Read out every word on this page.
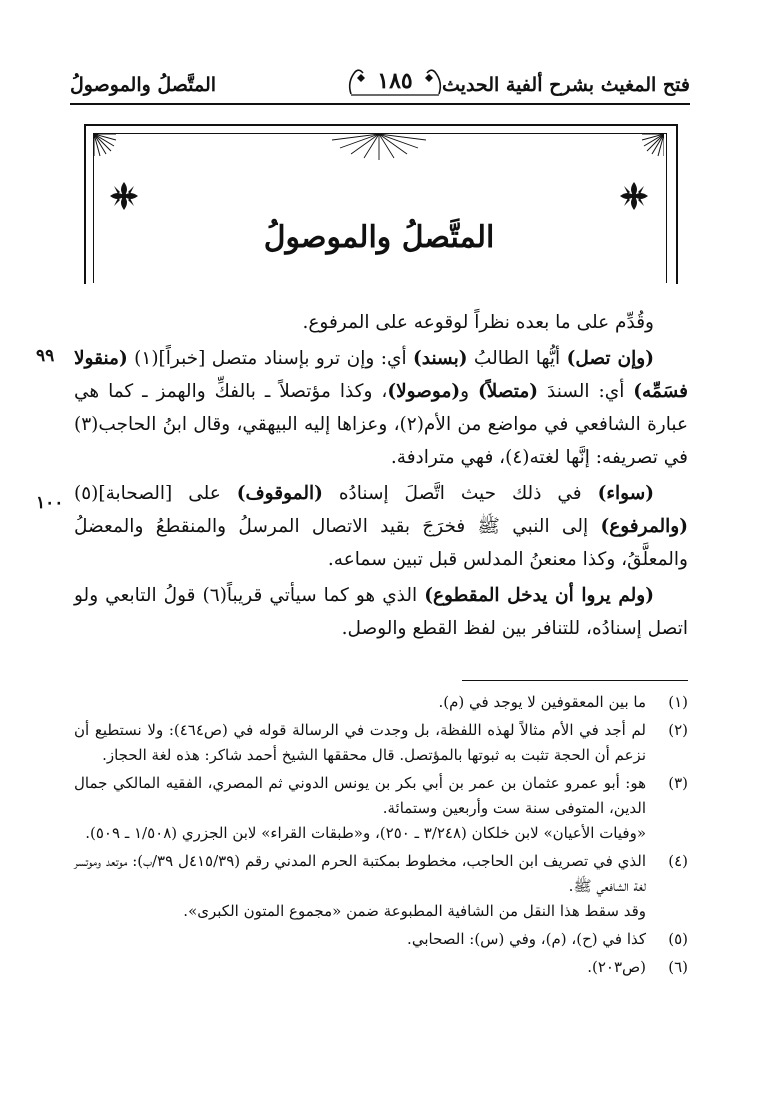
فتح المغيث بشرح ألفية الحديث
١٨٥
المتَّصلُ والموصولُ
المتَّصلُ والموصولُ
٩٩
١٠٠

وقُدِّم على ما بعده نظراً لوقوعه على المرفوع.

(وإن تصل) أيُّها الطالبُ (بسند) أي: وإن ترو بإسناد متصل [خبراً](١) (منقولا فسَمِّه) أي: السندَ (متصلاً) و(موصولا)، وكذا مؤتصلاً ـ بالفكِّ والهمز ـ كما هي عبارة الشافعي في مواضع من الأم(٢)، وعزاها إليه البيهقي، وقال ابنُ الحاجب(٣) في تصريفه: إنَّها لغته(٤)، فهي مترادفة.

(سواء) في ذلك حيث اتَّصلَ إسنادُه (الموقوف) على [الصحابة](٥) (والمرفوع) إلى النبي ﷺ فخرَجَ بقيد الاتصال المرسلُ والمنقطعُ والمعضلُ والمعلَّقُ، وكذا معنعنُ المدلس قبل تبين سماعه.

(ولم يروا أن يدخل المقطوع) الذي هو كما سيأتي قريباً(٦) قولُ التابعي ولو اتصل إسنادُه، للتنافر بين لفظ القطع والوصل.

(١)
ما بين المعقوفين لا يوجد في (م).
(٢)
لم أجد في الأم مثالاً لهذه اللفظة، بل وجدت في الرسالة قوله في (ص٤٦٤): ولا نستطيع أن نزعم أن الحجة تثبت به ثبوتها بالمؤتصل. قال محققها الشيخ أحمد شاكر: هذه لغة الحجاز.
(٣)
هو: أبو عمرو عثمان بن عمر بن أبي بكر بن يونس الدوني ثم المصري، الفقيه المالكي جمال الدين، المتوفى سنة ست وأربعين وستمائة.
«وفيات الأعيان» لابن خلكان (٣/٢٤٨ ـ ٢٥٠)، و«طبقات القراء» لابن الجزري (١/٥٠٨ ـ ٥٠٩).
(٤)
الذي في تصريف ابن الحاجب، مخطوط بمكتبة الحرم المدني رقم (٤١٥/٣٩ل ٣٩/ب): موتعد وموتسر لغة الشافعي ﷺ.
وقد سقط هذا النقل من الشافية المطبوعة ضمن «مجموع المتون الكبرى».
(٥)
كذا في (ح)، (م)، وفي (س): الصحابي.
(٦)
(ص٢٠٣).
